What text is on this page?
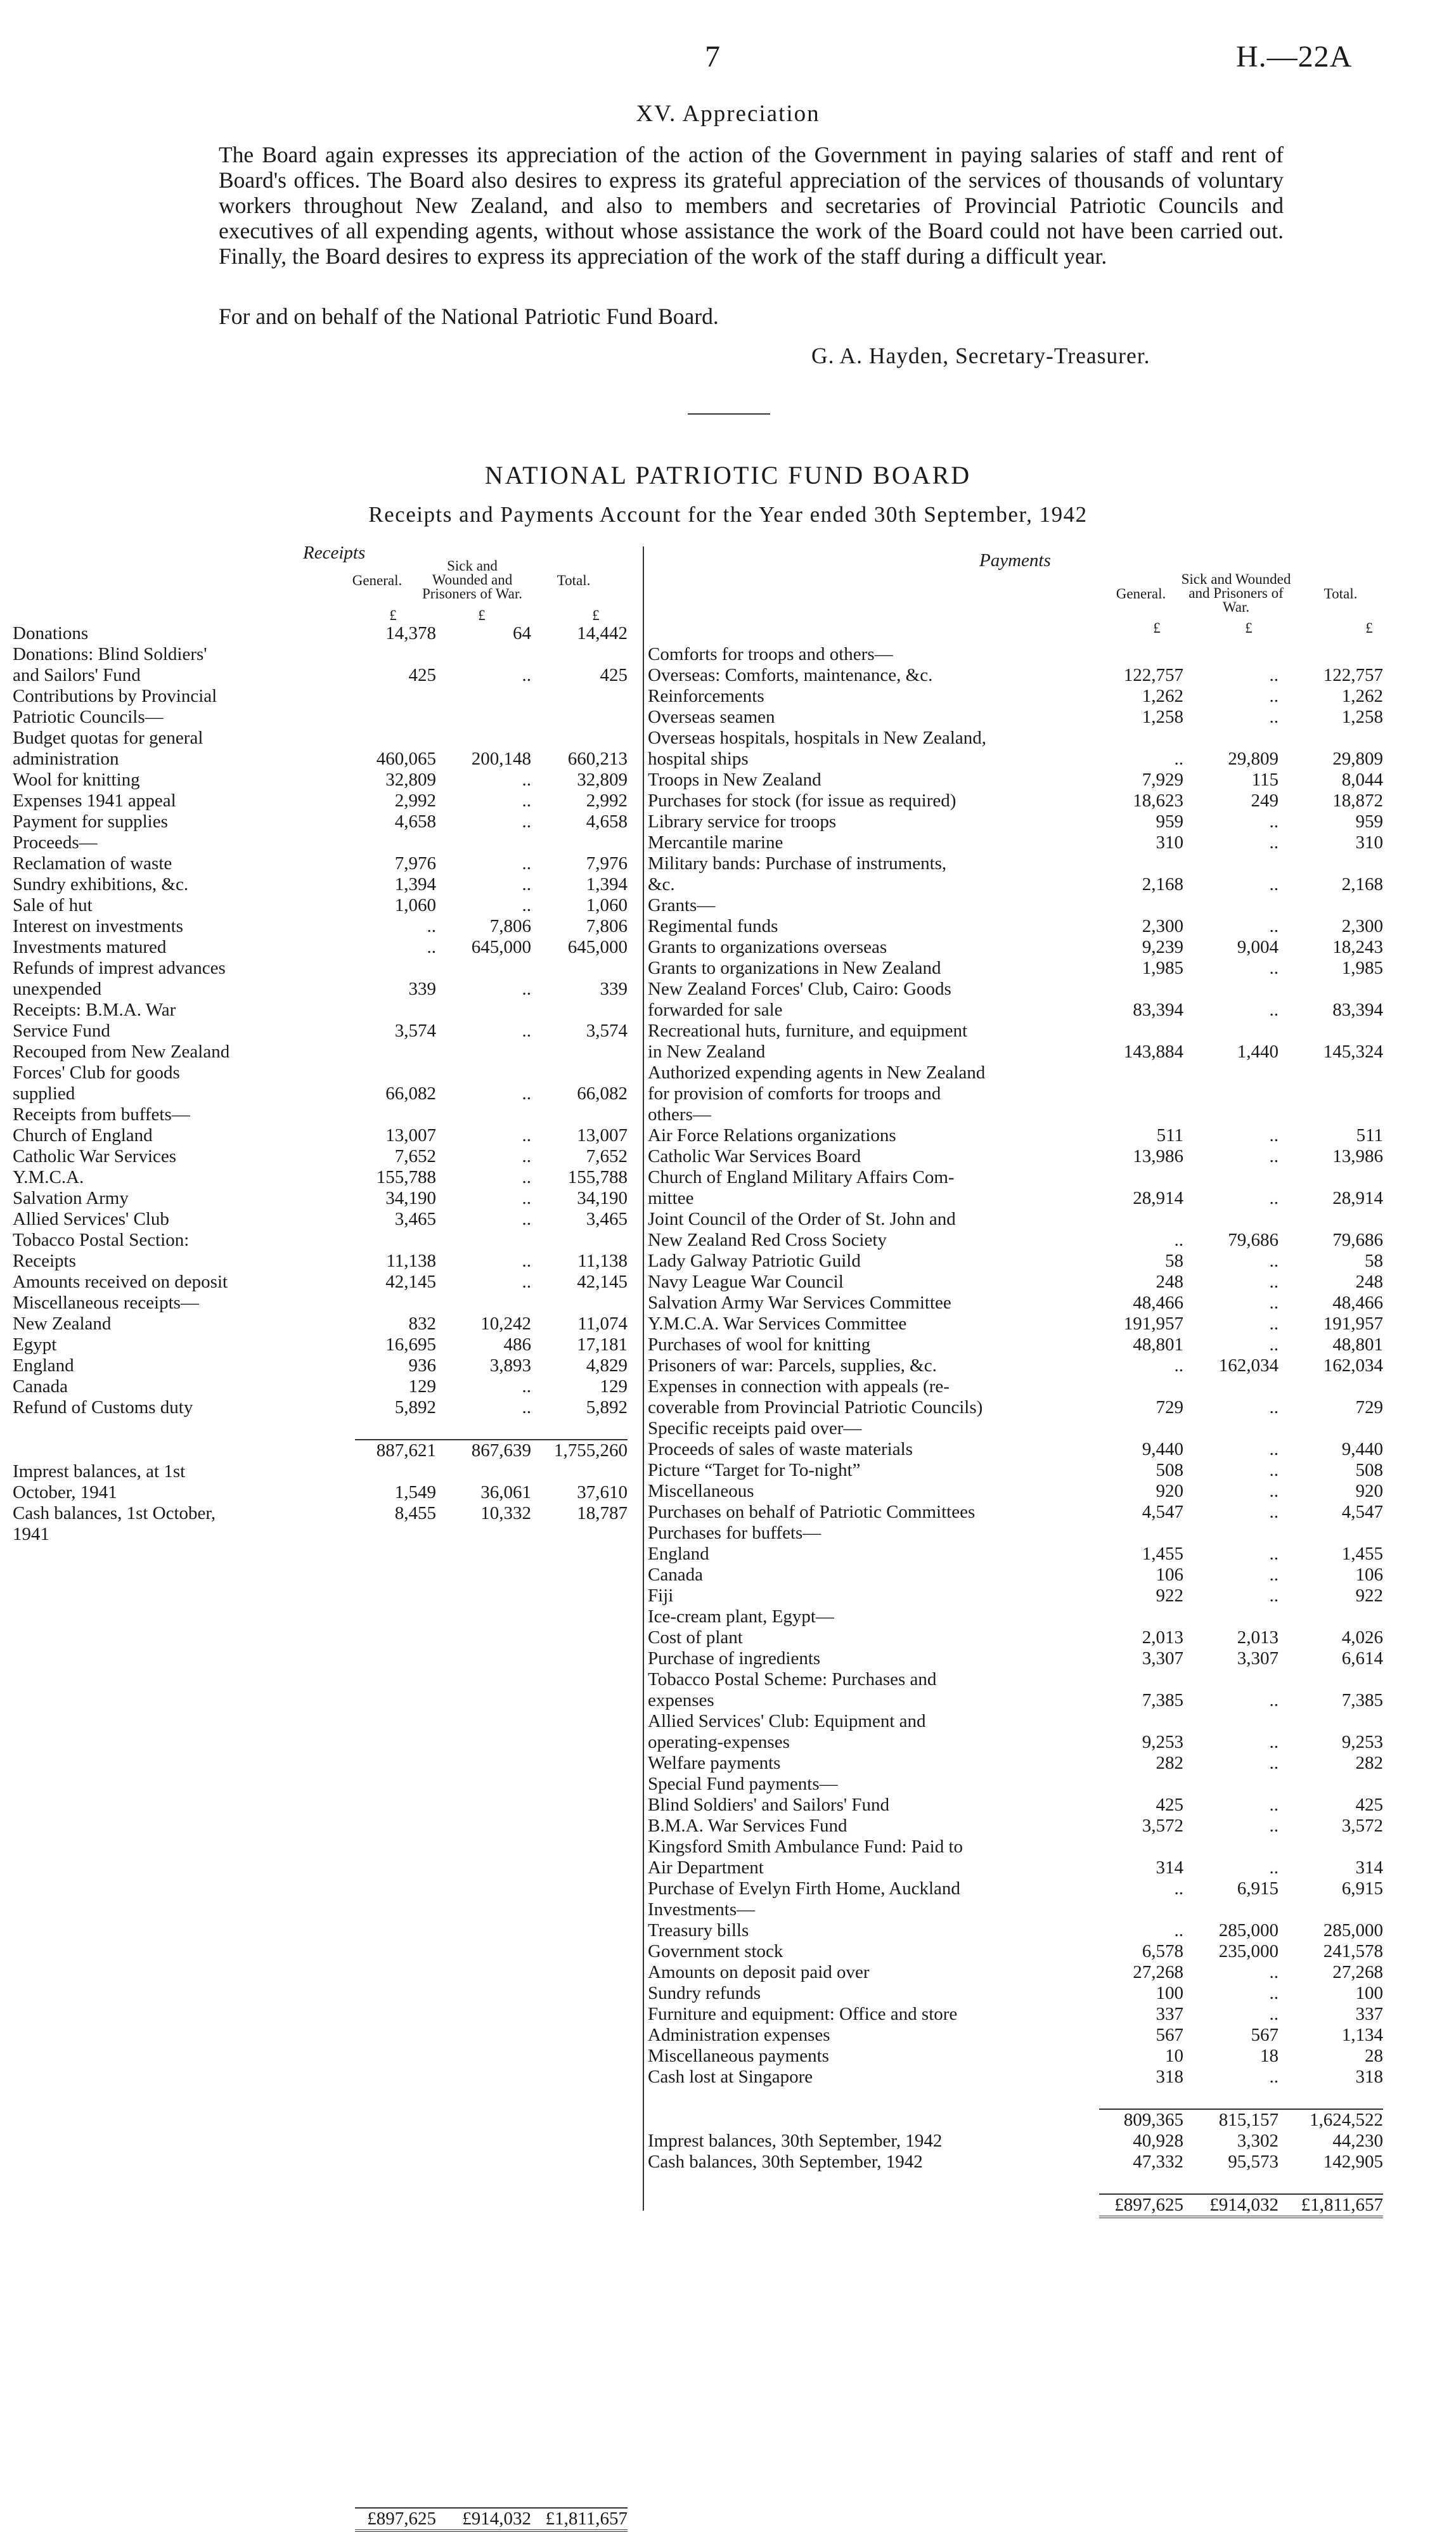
7	H.—22A
XV. Appreciation
The Board again expresses its appreciation of the action of the Government in paying salaries of staff and rent of Board's offices. The Board also desires to express its grateful appreciation of the services of thousands of voluntary workers throughout New Zealand, and also to members and secretaries of Provincial Patriotic Councils and executives of all expending agents, without whose assistance the work of the Board could not have been carried out. Finally, the Board desires to express its appreciation of the work of the staff during a difficult year.
For and on behalf of the National Patriotic Fund Board.
G. A. Hayden, Secretary-Treasurer.
NATIONAL PATRIOTIC FUND BOARD
Receipts and Payments Account for the Year ended 30th September, 1942
Receipts
General.
Sick and Wounded and Prisoners of War.
Total.
£	£	£
Payments
General.
Sick and Wounded and Prisoners of War.
Total.
£	£	£
Donations	14,378	64	14,442
Donations: Blind Soldiers'			
and Sailors' Fund	425	..	425
Contributions by Provincial			
Patriotic Councils—			
Budget quotas for general			
administration	460,065	200,148	660,213
Wool for knitting	32,809	..	32,809
Expenses 1941 appeal	2,992	..	2,992
Payment for supplies	4,658	..	4,658
Proceeds—			
Reclamation of waste	7,976	..	7,976
Sundry exhibitions, &c.	1,394	..	1,394
Sale of hut	1,060	..	1,060
Interest on investments	..	7,806	7,806
Investments matured	..	645,000	645,000
Refunds of imprest advances			
unexpended	339	..	339
Receipts: B.M.A. War			
Service Fund	3,574	..	3,574
Recouped from New Zealand			
Forces' Club for goods			
supplied	66,082	..	66,082
Receipts from buffets—			
Church of England	13,007	..	13,007
Catholic War Services	7,652	..	7,652
Y.M.C.A.	155,788	..	155,788
Salvation Army	34,190	..	34,190
Allied Services' Club	3,465	..	3,465
Tobacco Postal Section:			
Receipts	11,138	..	11,138
Amounts received on deposit	42,145	..	42,145
Miscellaneous receipts—			
New Zealand	832	10,242	11,074
Egypt	16,695	486	17,181
England	936	3,893	4,829
Canada	129	..	129
Refund of Customs duty	5,892	..	5,892

	887,621	867,639	1,755,260
Imprest balances, at 1st			
October, 1941	1,549	36,061	37,610
Cash balances, 1st October,	8,455	10,332	18,787
1941			

	£897,625	£914,032	£1,811,657
Comforts for troops and others—			
Overseas: Comforts, maintenance, &c.	122,757	..	122,757
Reinforcements	1,262	..	1,262
Overseas seamen	1,258	..	1,258
Overseas hospitals, hospitals in New Zealand,			
hospital ships	..	29,809	29,809
Troops in New Zealand	7,929	115	8,044
Purchases for stock (for issue as required)	18,623	249	18,872
Library service for troops	959	..	959
Mercantile marine	310	..	310
Military bands: Purchase of instruments,			
&c.	2,168	..	2,168
Grants—			
Regimental funds	2,300	..	2,300
Grants to organizations overseas	9,239	9,004	18,243
Grants to organizations in New Zealand	1,985	..	1,985
New Zealand Forces' Club, Cairo: Goods			
forwarded for sale	83,394	..	83,394
Recreational huts, furniture, and equipment			
in New Zealand	143,884	1,440	145,324
Authorized expending agents in New Zealand			
for provision of comforts for troops and			
others—			
Air Force Relations organizations	511	..	511
Catholic War Services Board	13,986	..	13,986
Church of England Military Affairs Com-			
mittee	28,914	..	28,914
Joint Council of the Order of St. John and			
New Zealand Red Cross Society	..	79,686	79,686
Lady Galway Patriotic Guild	58	..	58
Navy League War Council	248	..	248
Salvation Army War Services Committee	48,466	..	48,466
Y.M.C.A. War Services Committee	191,957	..	191,957
Purchases of wool for knitting	48,801	..	48,801
Prisoners of war: Parcels, supplies, &c.	..	162,034	162,034
Expenses in connection with appeals (re-			
coverable from Provincial Patriotic Councils)	729	..	729
Specific receipts paid over—			
Proceeds of sales of waste materials	9,440	..	9,440
Picture “Target for To-night”	508	..	508
Miscellaneous	920	..	920
Purchases on behalf of Patriotic Committees	4,547	..	4,547
Purchases for buffets—			
England	1,455	..	1,455
Canada	106	..	106
Fiji	922	..	922
Ice-cream plant, Egypt—			
Cost of plant	2,013	2,013	4,026
Purchase of ingredients	3,307	3,307	6,614
Tobacco Postal Scheme: Purchases and			
expenses	7,385	..	7,385
Allied Services' Club: Equipment and			
operating-expenses	9,253	..	9,253
Welfare payments	282	..	282
Special Fund payments—			
Blind Soldiers' and Sailors' Fund	425	..	425
B.M.A. War Services Fund	3,572	..	3,572
Kingsford Smith Ambulance Fund: Paid to			
Air Department	314	..	314
Purchase of Evelyn Firth Home, Auckland	..	6,915	6,915
Investments—			
Treasury bills	..	285,000	285,000
Government stock	6,578	235,000	241,578
Amounts on deposit paid over	27,268	..	27,268
Sundry refunds	100	..	100
Furniture and equipment: Office and store	337	..	337
Administration expenses	567	567	1,134
Miscellaneous payments	10	18	28
Cash lost at Singapore	318	..	318

	809,365	815,157	1,624,522
Imprest balances, 30th September, 1942	40,928	3,302	44,230
Cash balances, 30th September, 1942	47,332	95,573	142,905

	£897,625	£914,032	£1,811,657
